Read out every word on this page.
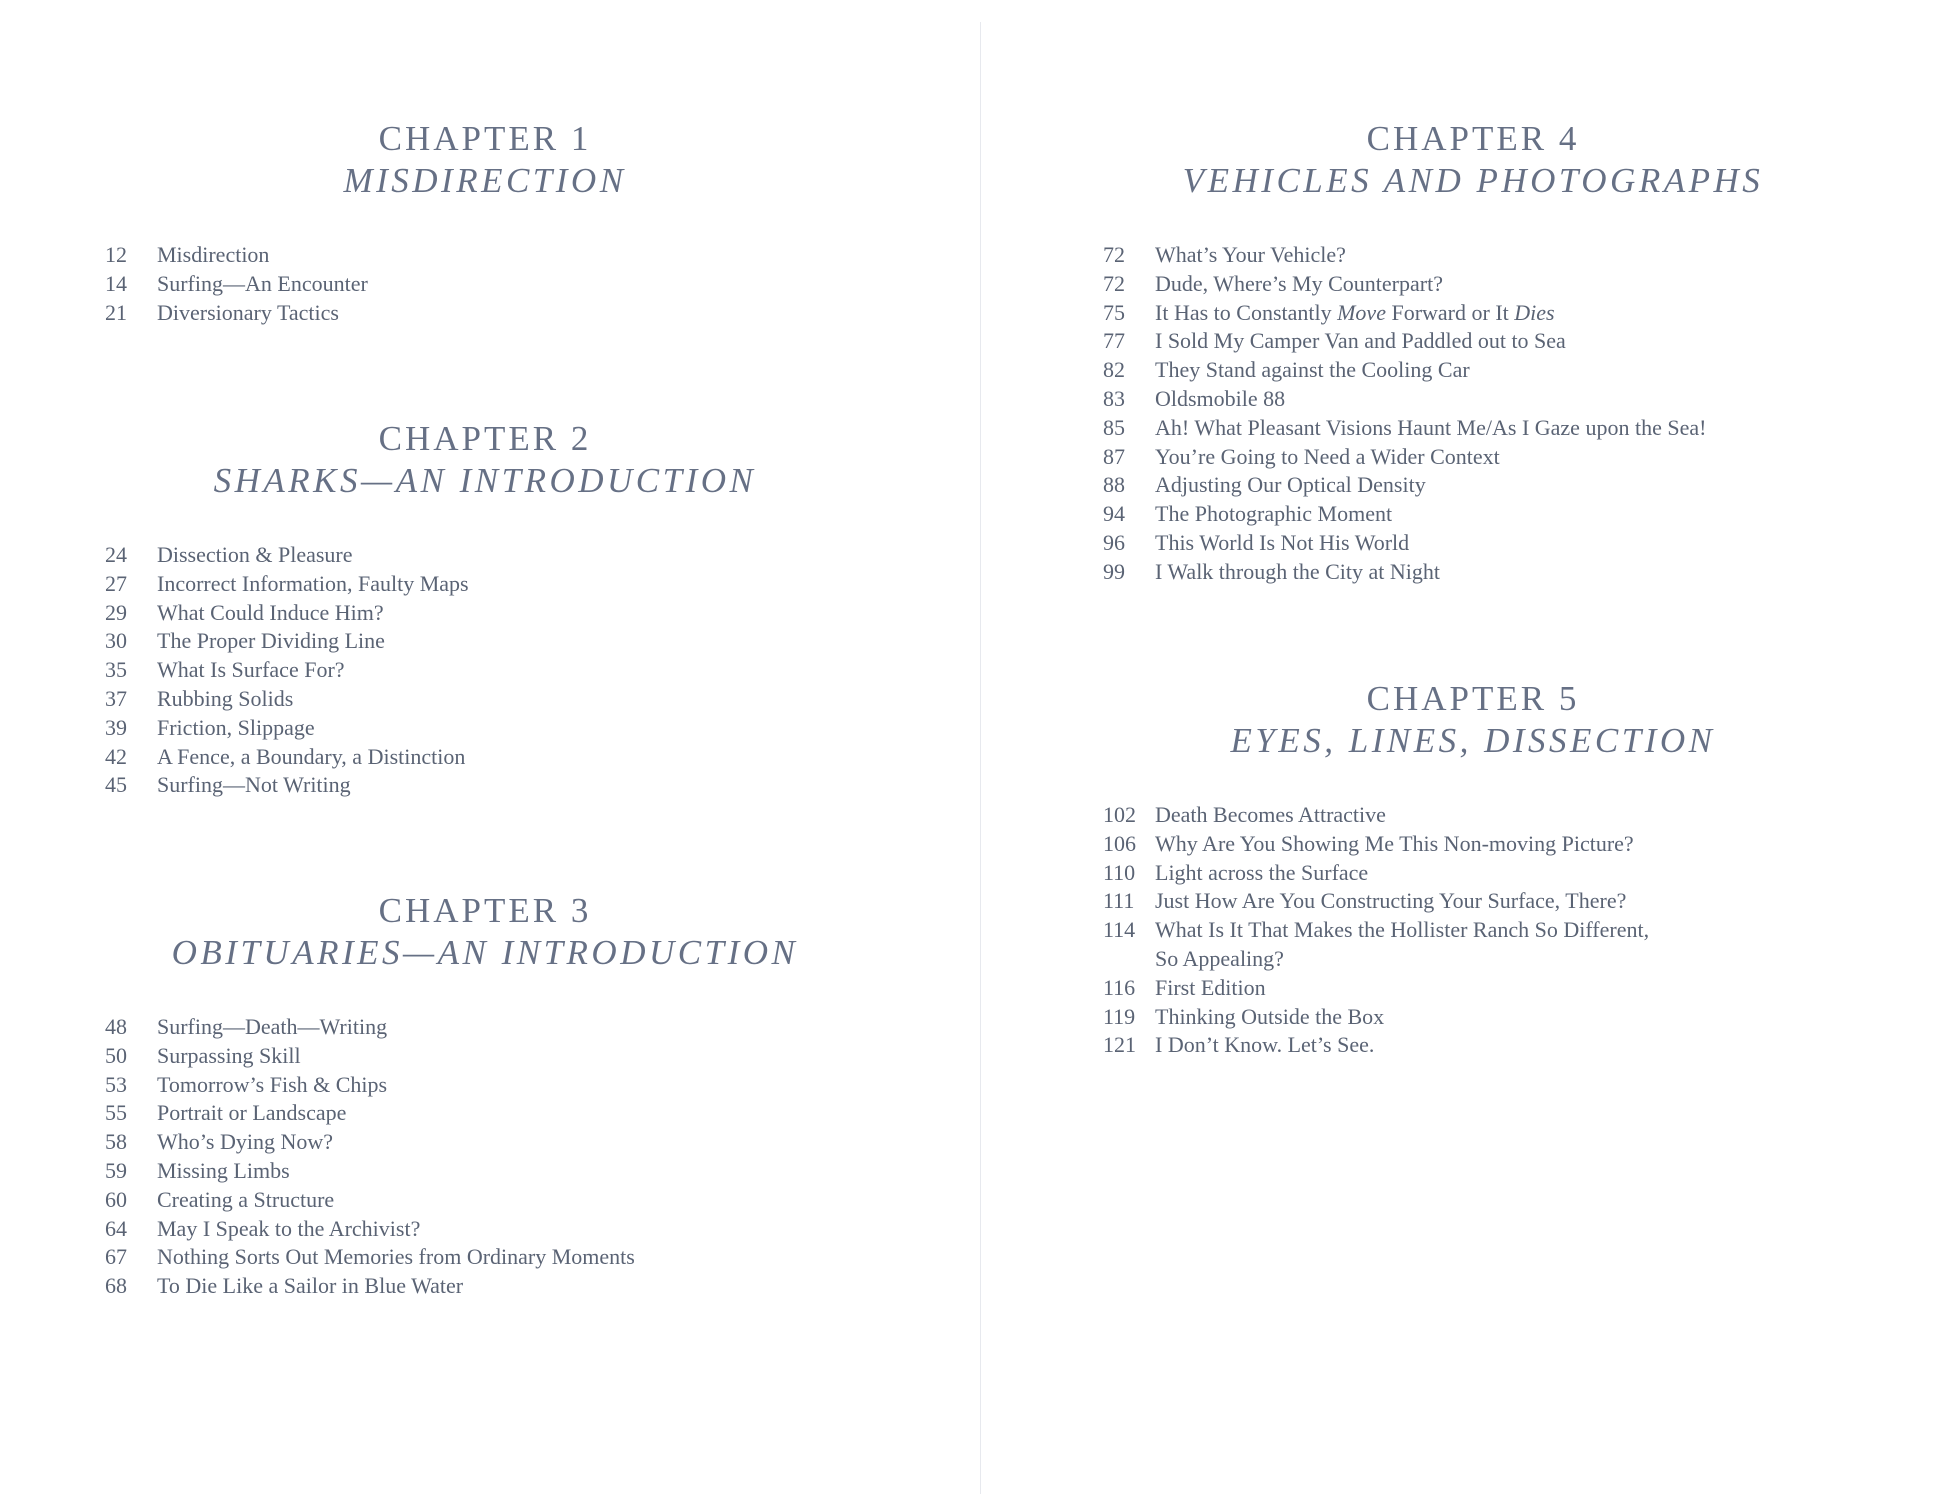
CHAPTER 1
MISDIRECTION
12	Misdirection
14	Surfing—An Encounter
21	Diversionary Tactics
CHAPTER 2
SHARKS—AN INTRODUCTION
24	Dissection & Pleasure
27	Incorrect Information, Faulty Maps
29	What Could Induce Him?
30	The Proper Dividing Line
35	What Is Surface For?
37	Rubbing Solids
39	Friction, Slippage
42	A Fence, a Boundary, a Distinction
45	Surfing—Not Writing
CHAPTER 3
OBITUARIES—AN INTRODUCTION
48	Surfing—Death—Writing
50	Surpassing Skill
53	Tomorrow’s Fish & Chips
55	Portrait or Landscape
58	Who’s Dying Now?
59	Missing Limbs
60	Creating a Structure
64	May I Speak to the Archivist?
67	Nothing Sorts Out Memories from Ordinary Moments
68	To Die Like a Sailor in Blue Water
CHAPTER 4
VEHICLES AND PHOTOGRAPHS
72	What’s Your Vehicle?
72	Dude, Where’s My Counterpart?
75	It Has to Constantly Move Forward or It Dies
77	I Sold My Camper Van and Paddled out to Sea
82	They Stand against the Cooling Car
83	Oldsmobile 88
85	Ah! What Pleasant Visions Haunt Me/As I Gaze upon the Sea!
87	You’re Going to Need a Wider Context
88	Adjusting Our Optical Density
94	The Photographic Moment
96	This World Is Not His World
99	I Walk through the City at Night
CHAPTER 5
EYES, LINES, DISSECTION
102 Death Becomes Attractive
106 Why Are You Showing Me This Non-moving Picture?
110 Light across the Surface
111 Just How Are You Constructing Your Surface, There?
114 What Is It That Makes the Hollister Ranch So Different,
So Appealing?
116 First Edition
119 Thinking Outside the Box
121 I Don’t Know. Let’s See.
